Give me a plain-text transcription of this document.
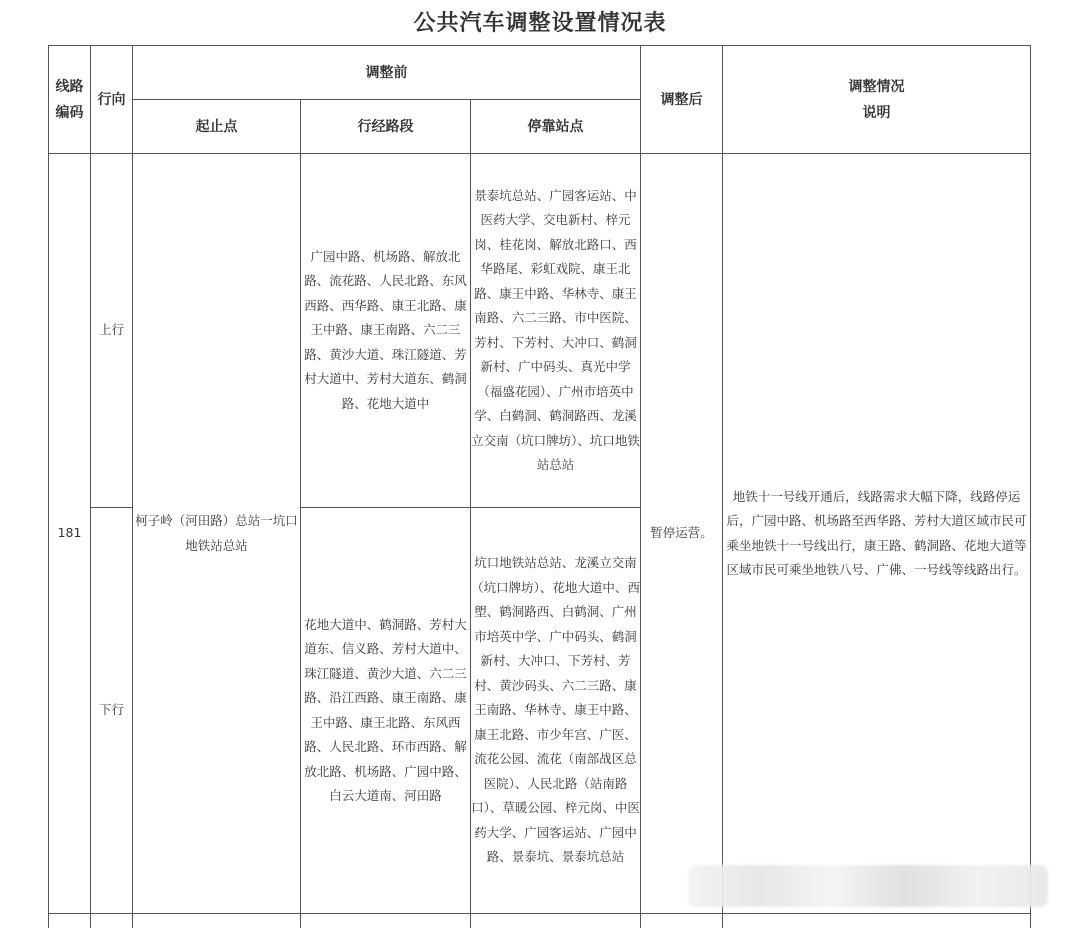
公共汽车调整设置情况表
线路编码	行向	调整前			调整后	调整情况说明
		起止点	行经路段	停靠站点		
181	上行	柯子岭（河田路）总站一坑口地铁站总站	广园中路、机场路、解放北路、流花路、人民北路、东风西路、西华路、康王北路、康王中路、康王南路、六二三路、黄沙大道、珠江隧道、芳村大道中、芳村大道东、鹤洞路、花地大道中	景泰坑总站、广园客运站、中医药大学、交电新村、梓元岗、桂花岗、解放北路口、西华路尾、彩虹戏院、康王北路、康王中路、华林寺、康王南路、六二三路、市中医院、芳村、下芳村、大冲口、鹤洞新村、广中码头、真光中学（福盛花园）、广州市培英中学、白鹤洞、鹤洞路西、龙溪立交南（坑口牌坊）、坑口地铁站总站	暂停运营。	地铁十一号线开通后，线路需求大幅下降，线路停运后，广园中路、机场路至西华路、芳村大道区域市民可乘坐地铁十一号线出行，康王路、鹤洞路、花地大道等区域市民可乘坐地铁八号、广佛、一号线等线路出行。
	下行		花地大道中、鹤洞路、芳村大道东、信义路、芳村大道中、珠江隧道、黄沙大道、六二三路、沿江西路、康王南路、康王中路、康王北路、东风西路、人民北路、环市西路、解放北路、机场路、广园中路、白云大道南、河田路	坑口地铁站总站、龙溪立交南（坑口牌坊）、花地大道中、西塱、鹤洞路西、白鹤洞、广州市培英中学、广中码头、鹤洞新村、大冲口、下芳村、芳村、黄沙码头、六二三路、康王南路、华林寺、康王中路、康王北路、市少年宫、广医、流花公园、流花（南部战区总医院）、人民北路（站南路口）、草暖公园、梓元岗、中医药大学、广园客运站、广园中路、景泰坑、景泰坑总站		
